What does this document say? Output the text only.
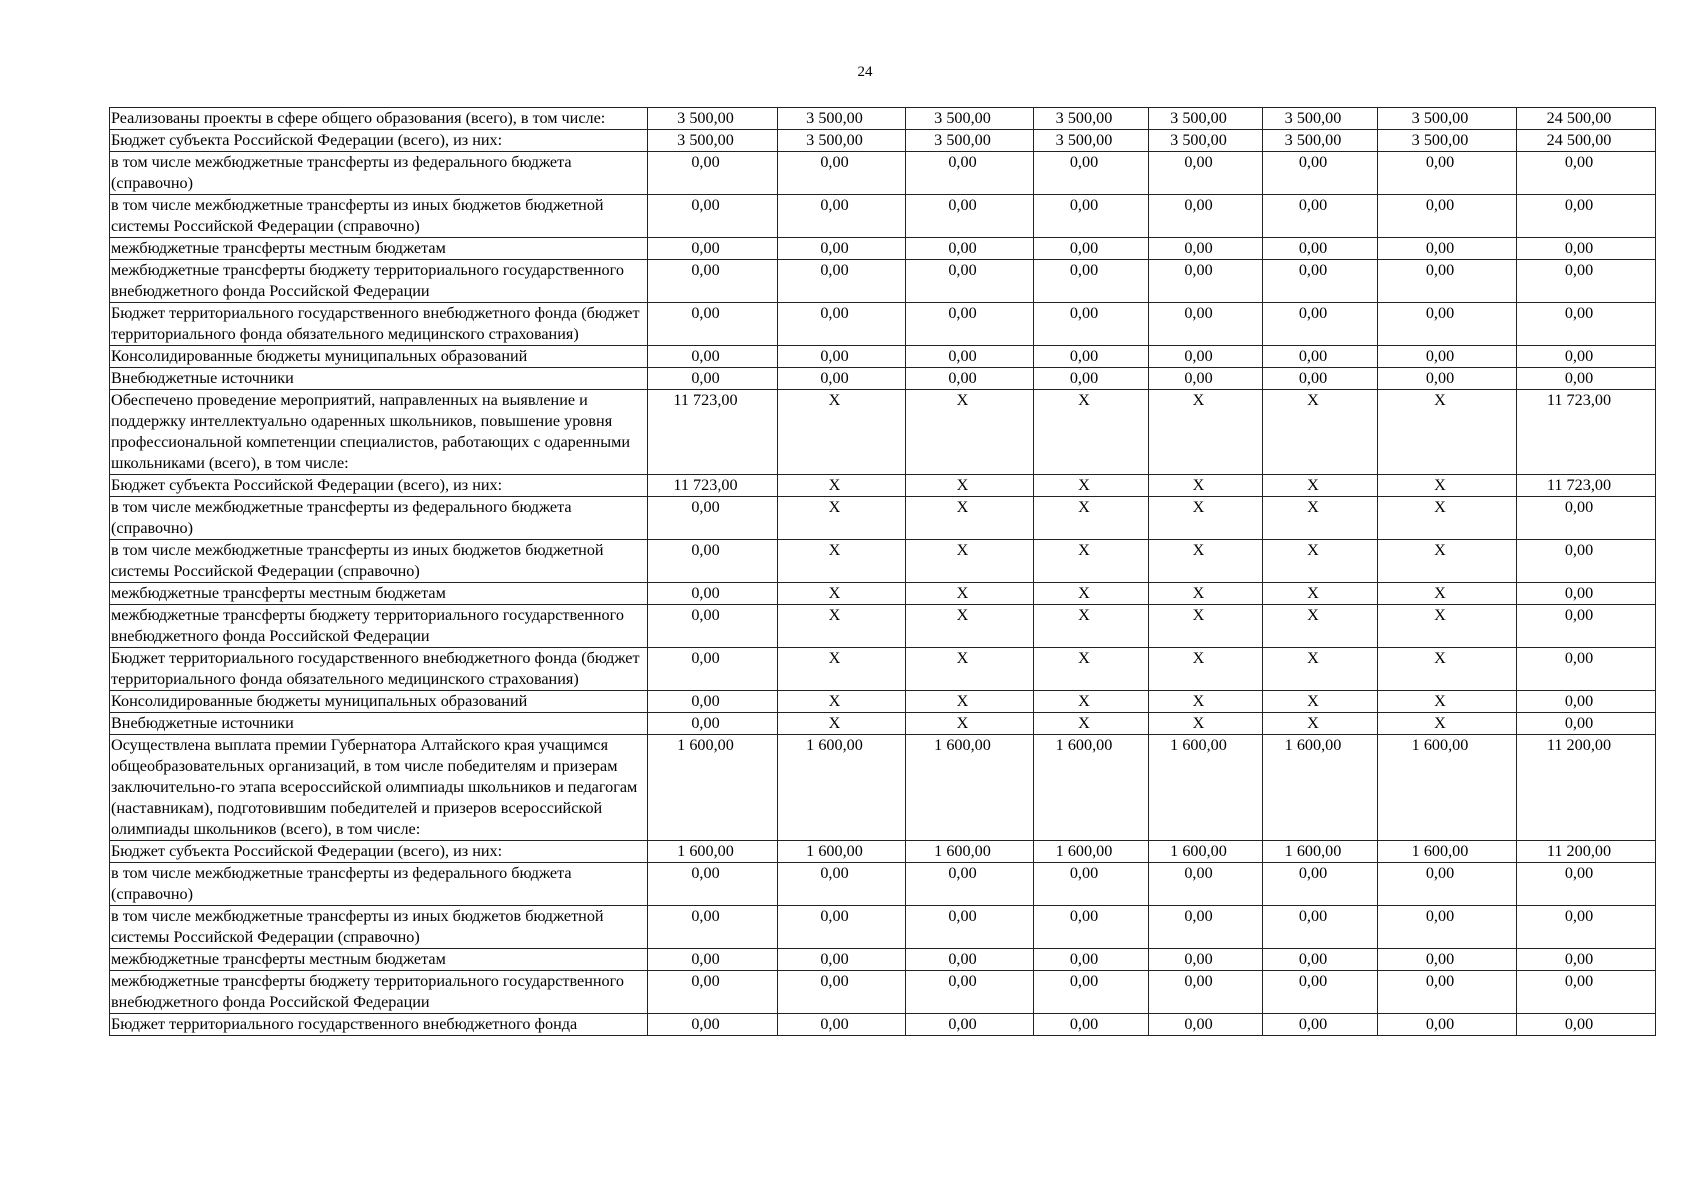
24
Реализованы проекты в сфере общего образования (всего), в том числе:	3 500,00	3 500,00	3 500,00	3 500,00	3 500,00	3 500,00	3 500,00	24 500,00
Бюджет субъекта Российской Федерации (всего), из них:	3 500,00	3 500,00	3 500,00	3 500,00	3 500,00	3 500,00	3 500,00	24 500,00
в том числе межбюджетные трансферты из федерального бюджета (справочно)	0,00	0,00	0,00	0,00	0,00	0,00	0,00	0,00
в том числе межбюджетные трансферты из иных бюджетов бюджетной системы Российской Федерации (справочно)	0,00	0,00	0,00	0,00	0,00	0,00	0,00	0,00
межбюджетные трансферты местным бюджетам	0,00	0,00	0,00	0,00	0,00	0,00	0,00	0,00
межбюджетные трансферты бюджету территориального государственного внебюджетного фонда Российской Федерации	0,00	0,00	0,00	0,00	0,00	0,00	0,00	0,00
Бюджет территориального государственного внебюджетного фонда (бюджет территориального фонда обязательного медицинского страхования)	0,00	0,00	0,00	0,00	0,00	0,00	0,00	0,00
Консолидированные бюджеты муниципальных образований	0,00	0,00	0,00	0,00	0,00	0,00	0,00	0,00
Внебюджетные источники	0,00	0,00	0,00	0,00	0,00	0,00	0,00	0,00
Обеспечено проведение мероприятий, направленных на выявление и поддержку интеллектуально одаренных школьников, повышение уровня профессиональной компетенции специалистов, работающих с одаренными школьниками (всего), в том числе:	11 723,00	X	X	X	X	X	X	11 723,00
Бюджет субъекта Российской Федерации (всего), из них:	11 723,00	X	X	X	X	X	X	11 723,00
в том числе межбюджетные трансферты из федерального бюджета (справочно)	0,00	X	X	X	X	X	X	0,00
в том числе межбюджетные трансферты из иных бюджетов бюджетной системы Российской Федерации (справочно)	0,00	X	X	X	X	X	X	0,00
межбюджетные трансферты местным бюджетам	0,00	X	X	X	X	X	X	0,00
межбюджетные трансферты бюджету территориального государственного внебюджетного фонда Российской Федерации	0,00	X	X	X	X	X	X	0,00
Бюджет территориального государственного внебюджетного фонда (бюджет территориального фонда обязательного медицинского страхования)	0,00	X	X	X	X	X	X	0,00
Консолидированные бюджеты муниципальных образований	0,00	X	X	X	X	X	X	0,00
Внебюджетные источники	0,00	X	X	X	X	X	X	0,00
Осуществлена выплата премии Губернатора Алтайского края учащимся общеобразовательных организаций, в том числе победителям и призерам заключительно-го этапа всероссийской олимпиады школьников и педагогам (наставникам), подготовившим победителей и призеров всероссийской олимпиады школьников (всего), в том числе:	1 600,00	1 600,00	1 600,00	1 600,00	1 600,00	1 600,00	1 600,00	11 200,00
Бюджет субъекта Российской Федерации (всего), из них:	1 600,00	1 600,00	1 600,00	1 600,00	1 600,00	1 600,00	1 600,00	11 200,00
в том числе межбюджетные трансферты из федерального бюджета (справочно)	0,00	0,00	0,00	0,00	0,00	0,00	0,00	0,00
в том числе межбюджетные трансферты из иных бюджетов бюджетной системы Российской Федерации (справочно)	0,00	0,00	0,00	0,00	0,00	0,00	0,00	0,00
межбюджетные трансферты местным бюджетам	0,00	0,00	0,00	0,00	0,00	0,00	0,00	0,00
межбюджетные трансферты бюджету территориального государственного внебюджетного фонда Российской Федерации	0,00	0,00	0,00	0,00	0,00	0,00	0,00	0,00
Бюджет территориального государственного внебюджетного фонда	0,00	0,00	0,00	0,00	0,00	0,00	0,00	0,00
